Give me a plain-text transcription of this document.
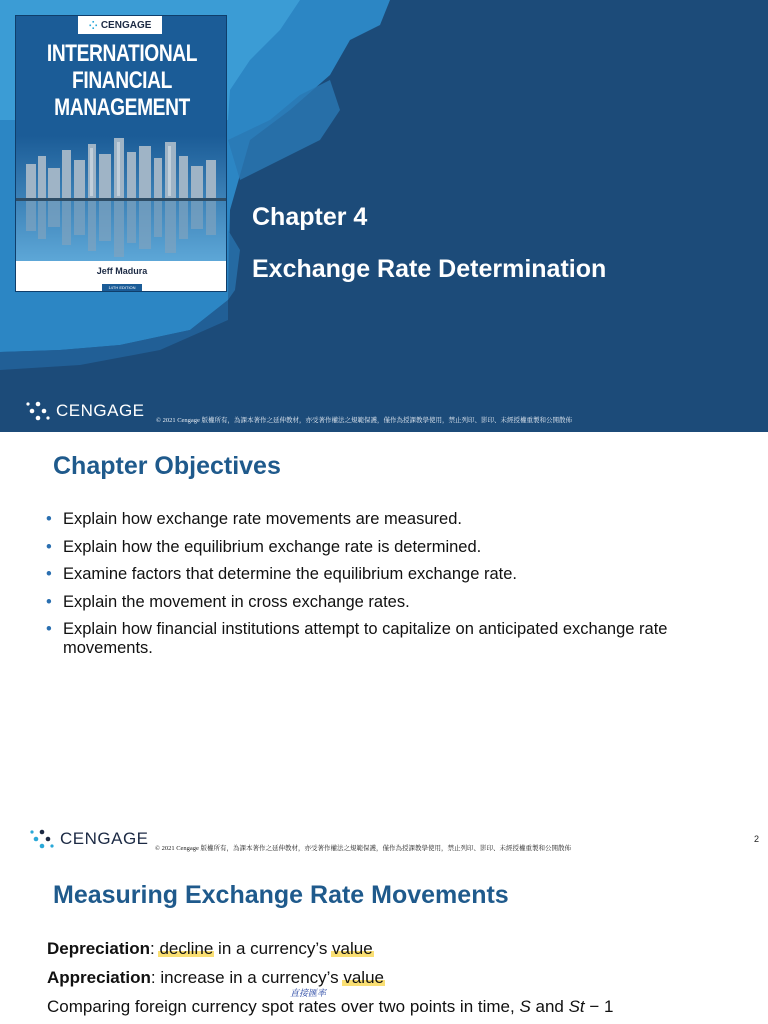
⁘ CENGAGE
INTERNATIONAL
FINANCIAL
MANAGEMENT
Jeff Madura
14TH EDITION
Chapter 4
Exchange Rate Determination
CENGAGE
© 2021 Cengage 版權所有，為課本著作之延伸教材，亦受著作權法之規範保護，僅作為授課教學使用，禁止列印、影印、未經授權重製和公開散佈
Chapter Objectives
• Explain how exchange rate movements are measured.
• Explain how the equilibrium exchange rate is determined.
• Examine factors that determine the equilibrium exchange rate.
• Explain the movement in cross exchange rates.
• Explain how financial institutions attempt to capitalize on anticipated exchange rate movements.
CENGAGE
© 2021 Cengage 版權所有，為課本著作之延伸教材，亦受著作權法之規範保護，僅作為授課教學使用，禁止列印、影印、未經授權重製和公開散佈
2
Measuring Exchange Rate Movements
Depreciation: decline in a currency’s value
Appreciation: increase in a currency’s value
直接匯率
Comparing foreign currency spot rates over two points in time, S and St − 1
